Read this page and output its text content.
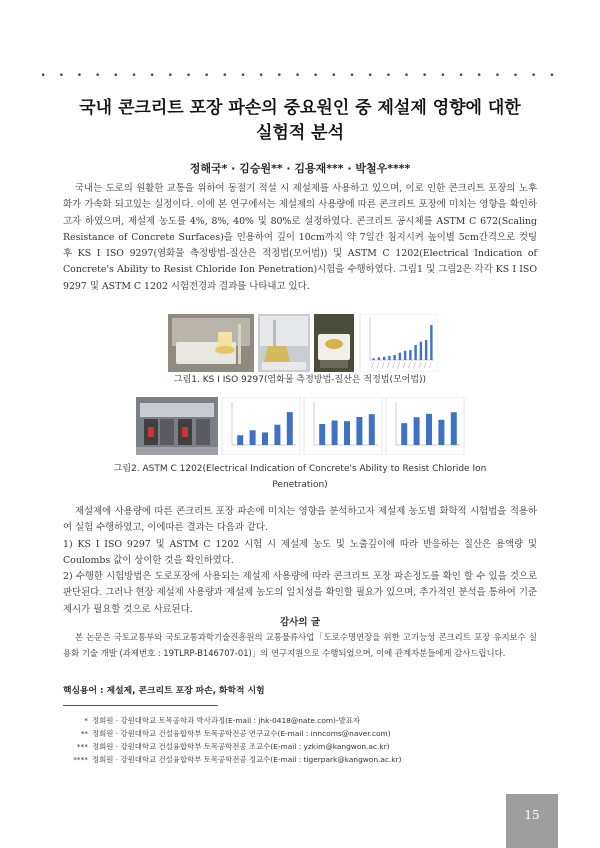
• • • • • • • • • • • • • • • • • • • • • • • • • • • • •
국내 콘크리트 포장 파손의 중요원인 중 제설제 영향에 대한
실험적 분석
정해국* · 김승원** · 김용재*** · 박철우****

국내는 도로의 원활한 교통을 위하여 동절기 적설 시 제설제를 사용하고 있으며, 이로 인한 콘크리트 포장의 노후화가 가속화 되고있는 실정이다. 이에 본 연구에서는 제설제의 사용량에 따른 콘크리트 포장에 미치는 영향을 확인하고자 하였으며, 제설제 농도를 4%, 8%, 40% 및 80%로 설정하였다. 콘크리트 공시체를 ASTM C 672(Scaling Resistance of Concrete Surfaces)을 인용하여 깊이 10cm까지 약 7일간 침지시켜 높이별 5cm간격으로 컷팅 후 KS I ISO 9297(염화물 측정방법-질산은 적정법(모어법)) 및 ASTM C 1202(Electrical Indication of Concrete's Ability to Resist Chloride Ion Penetration)시험을 수행하였다. 그림1 및 그림2은 각각 KS I ISO 9297 및 ASTM C 1202 시험전경과 결과를 나타내고 있다.

그림1. KS I ISO 9297(염화물 측정방법-질산은 적정법(모어법))
그림2. ASTM C 1202(Electrical Indication of Concrete's Ability to Resist Chloride Ion
Penetration)
제설제에 사용량에 따른 콘크리트 포장 파손에 미치는 영향을 분석하고자 제설제 농도별 화학적 시험법을 적용하여 실험 수행하였고, 이에따른 결과는 다음과 같다.
1) KS I ISO 9297 및 ASTM C 1202 시험 시 제설제 농도 및 노출깊이에 따라 반응하는 질산은 용액량 및 Coulombs 값이 상이한 것을 확인하였다.
2) 수행한 시험방법은 도로포장에 사용되는 제설제 사용량에 따라 콘크리트 포장 파손정도를 확인 할 수 있을 것으로 판단된다. 그러나 현장 제설제 사용량과 제설제 농도의 일치성을 확인할 필요가 있으며, 추가적인 분석을 통하여 기준 제시가 필요할 것으로 사료된다.
감사의 글

본 논문은 국토교통부와 국토교통과학기술진흥원의 교통물류사업「도로수명연장을 위한 고기능성 콘크리트 포장 유지보수 실용화 기술 개발 (과제번호 : 19TLRP-B146707-01)」의 연구지원으로 수행되었으며, 이에 관계자분들에게 감사드립니다.

핵심용어 : 제설제, 콘크리트 포장 파손, 화학적 시험
* 정회원 · 강원대학교 토목공학과 박사과정(E-mail : jhk-0418@nate.com)-발표자
** 정회원 · 강원대학교 건설융합학부 토목공학전공 연구교수(E-mail : inncoms@naver.com)
*** 정회원 · 강원대학교 건설융합학부 토목공학전공 조교수(E-mail : yzkim@kangwon.ac.kr)
**** 정회원 · 강원대학교 건설융합학부 토목공학전공 정교수(E-mail : tigerpark@kangwon.ac.kr)
15
